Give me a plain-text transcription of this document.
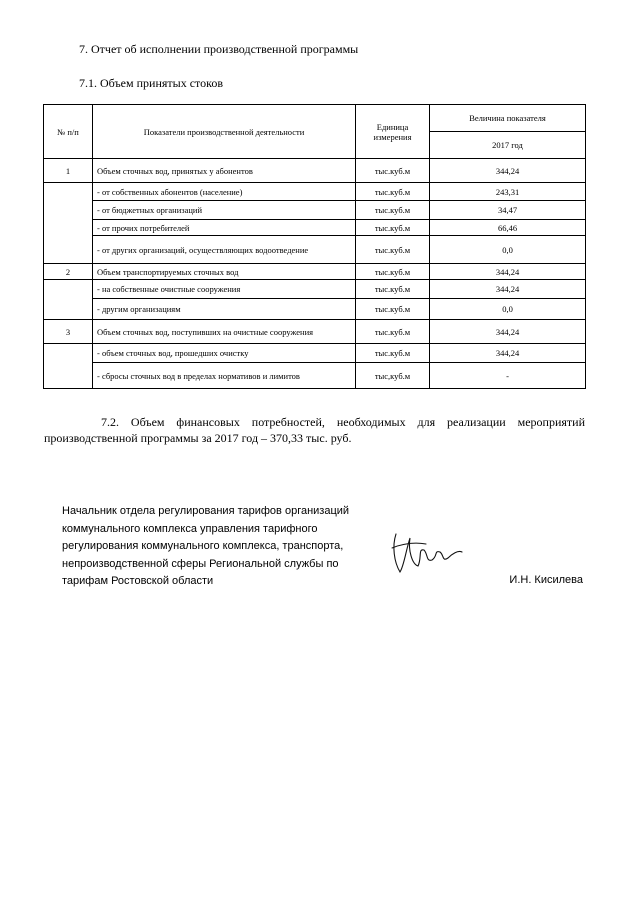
7. Отчет об исполнении производственной программы
7.1. Объем принятых стоков
№ п/п	Показатели производственной деятельности	Единица измерения	Величина показателя
			2017 год
1	Объем сточных вод, принятых у абонентов	тыс.куб.м	344,24
	- от собственных абонентов (население)	тыс.куб.м	243,31
	- от бюджетных организаций	тыс.куб.м	34,47
	- от прочих потребителей	тыс.куб.м	66,46
	- от других организаций, осуществляющих водоотведение	тыс.куб.м	0,0
2	Объем транспортируемых сточных вод	тыс.куб.м	344,24
	- на собственные очистные сооружения	тыс.куб.м	344,24
	- другим организациям	тыс.куб.м	0,0
3	Объем сточных вод, поступивших на очистные сооружения	тыс.куб.м	344,24
	- объем сточных вод, прошедших очистку	тыс.куб.м	344,24
	- сбросы сточных вод в пределах нормативов и лимитов	тыс,куб.м	-
7.2. Объем финансовых потребностей, необходимых для реализации мероприятий
производственной программы за 2017 год – 370,33 тыс. руб.
Начальник отдела регулирования тарифов организаций
коммунального комплекса управления тарифного
регулирования коммунального комплекса, транспорта,
непроизводственной сферы Региональной службы по
тарифам Ростовской области	И.Н. Кисилева
